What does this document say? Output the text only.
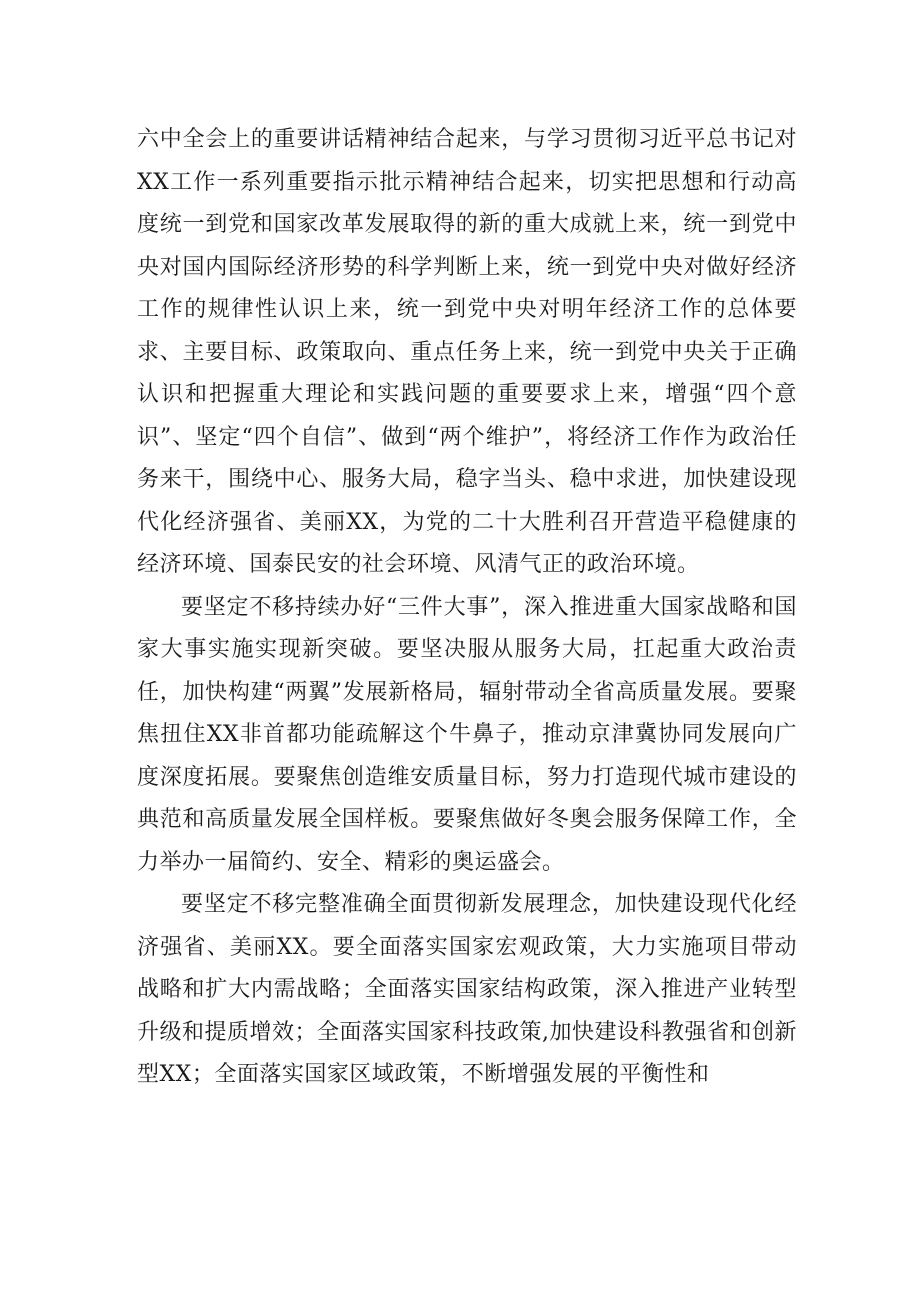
六中全会上的重要讲话精神结合起来，与学习贯彻习近平总书记对XX工作一系列重要指示批示精神结合起来，切实把思想和行动高度统一到党和国家改革发展取得的新的重大成就上来，统一到党中央对国内国际经济形势的科学判断上来，统一到党中央对做好经济工作的规律性认识上来，统一到党中央对明年经济工作的总体要求、主要目标、政策取向、重点任务上来，统一到党中央关于正确认识和把握重大理论和实践问题的重要要求上来，增强“四个意识”、坚定“四个自信”、做到“两个维护”，将经济工作作为政治任务来干，围绕中心、服务大局，稳字当头、稳中求进，加快建设现代化经济强省、美丽XX，为党的二十大胜利召开营造平稳健康的经济环境、国泰民安的社会环境、风清气正的政治环境。

要坚定不移持续办好“三件大事”，深入推进重大国家战略和国家大事实施实现新突破。要坚决服从服务大局，扛起重大政治责任，加快构建“两翼”发展新格局，辐射带动全省高质量发展。要聚焦扭住XX非首都功能疏解这个牛鼻子，推动京津冀协同发展向广度深度拓展。要聚焦创造维安质量目标，努力打造现代城市建设的典范和高质量发展全国样板。要聚焦做好冬奥会服务保障工作，全力举办一届简约、安全、精彩的奥运盛会。

要坚定不移完整准确全面贯彻新发展理念，加快建设现代化经济强省、美丽XX。要全面落实国家宏观政策，大力实施项目带动战略和扩大内需战略；全面落实国家结构政策，深入推进产业转型升级和提质增效；全面落实国家科技政策,加快建设科教强省和创新型XX；全面落实国家区域政策，不断增强发展的平衡性和
